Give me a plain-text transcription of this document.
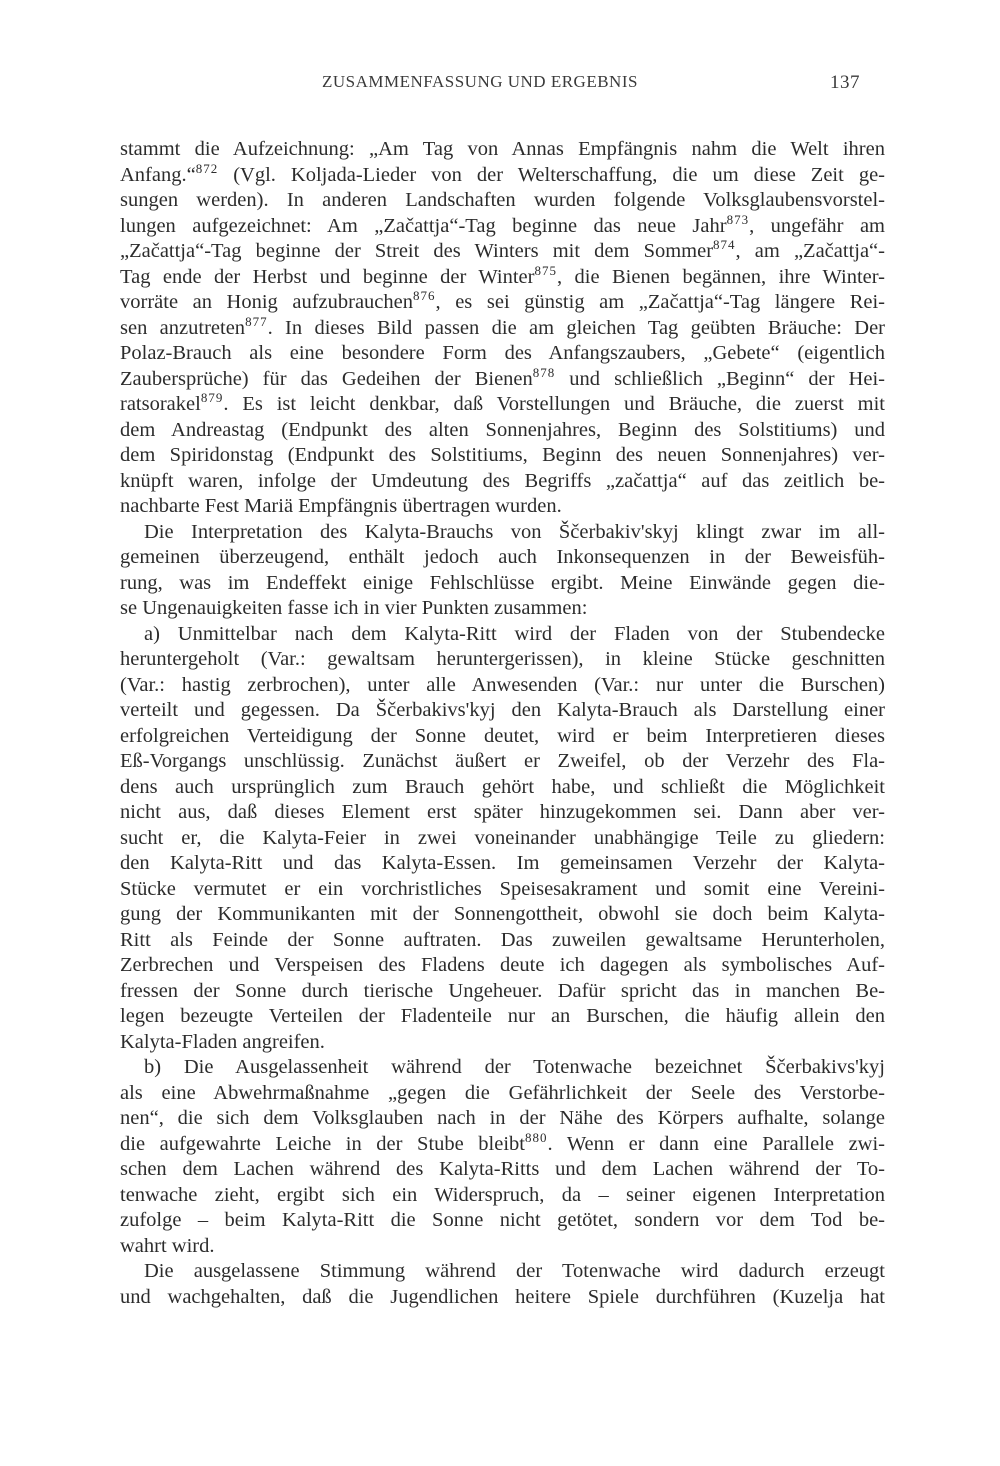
ZUSAMMENFASSUNG UND ERGEBNIS	137
stammt die Aufzeichnung: „Am Tag von Annas Empfängnis nahm die Welt ihren
Anfang.“$^{872}$ (Vgl. Koljada-Lieder von der Welterschaffung, die um diese Zeit ge-
sungen werden). In anderen Landschaften wurden folgende Volksglaubensvorstel-
lungen aufgezeichnet: Am „Začattja“-Tag beginne das neue Jahr$^{873}$, ungefähr am
„Začattja“-Tag beginne der Streit des Winters mit dem Sommer$^{874}$, am „Začattja“-
Tag ende der Herbst und beginne der Winter$^{875}$, die Bienen begännen, ihre Winter-
vorräte an Honig aufzubrauchen$^{876}$, es sei günstig am „Začattja“-Tag längere Rei-
sen anzutreten$^{877}$. In dieses Bild passen die am gleichen Tag geübten Bräuche: Der
Polaz-Brauch als eine besondere Form des Anfangszaubers, „Gebete“ (eigentlich
Zaubersprüche) für das Gedeihen der Bienen$^{878}$ und schließlich „Beginn“ der Hei-
ratsorakel$^{879}$. Es ist leicht denkbar, daß Vorstellungen und Bräuche, die zuerst mit
dem Andreastag (Endpunkt des alten Sonnenjahres, Beginn des Solstitiums) und
dem Spiridonstag (Endpunkt des Solstitiums, Beginn des neuen Sonnenjahres) ver-
knüpft waren, infolge der Umdeutung des Begriffs „začattja“ auf das zeitlich be-
nachbarte Fest Mariä Empfängnis übertragen wurden.
Die Interpretation des Kalyta-Brauchs von Ščerbakiv'skyj klingt zwar im all-
gemeinen überzeugend, enthält jedoch auch Inkonsequenzen in der Beweisfüh-
rung, was im Endeffekt einige Fehlschlüsse ergibt. Meine Einwände gegen die-
se Ungenauigkeiten fasse ich in vier Punkten zusammen:
a) Unmittelbar nach dem Kalyta-Ritt wird der Fladen von der Stubendecke
heruntergeholt (Var.: gewaltsam heruntergerissen), in kleine Stücke geschnitten
(Var.: hastig zerbrochen), unter alle Anwesenden (Var.: nur unter die Burschen)
verteilt und gegessen. Da Ščerbakivs'kyj den Kalyta-Brauch als Darstellung einer
erfolgreichen Verteidigung der Sonne deutet, wird er beim Interpretieren dieses
Eß-Vorgangs unschlüssig. Zunächst äußert er Zweifel, ob der Verzehr des Fla-
dens auch ursprünglich zum Brauch gehört habe, und schließt die Möglichkeit
nicht aus, daß dieses Element erst später hinzugekommen sei. Dann aber ver-
sucht er, die Kalyta-Feier in zwei voneinander unabhängige Teile zu gliedern:
den Kalyta-Ritt und das Kalyta-Essen. Im gemeinsamen Verzehr der Kalyta-
Stücke vermutet er ein vorchristliches Speisesakrament und somit eine Vereini-
gung der Kommunikanten mit der Sonnengottheit, obwohl sie doch beim Kalyta-
Ritt als Feinde der Sonne auftraten. Das zuweilen gewaltsame Herunterholen,
Zerbrechen und Verspeisen des Fladens deute ich dagegen als symbolisches Auf-
fressen der Sonne durch tierische Ungeheuer. Dafür spricht das in manchen Be-
legen bezeugte Verteilen der Fladenteile nur an Burschen, die häufig allein den
Kalyta-Fladen angreifen.
b) Die Ausgelassenheit während der Totenwache bezeichnet Ščerbakivs'kyj
als eine Abwehrmaßnahme „gegen die Gefährlichkeit der Seele des Verstorbe-
nen“, die sich dem Volksglauben nach in der Nähe des Körpers aufhalte, solange
die aufgewahrte Leiche in der Stube bleibt$^{880}$. Wenn er dann eine Parallele zwi-
schen dem Lachen während des Kalyta-Ritts und dem Lachen während der To-
tenwache zieht, ergibt sich ein Widerspruch, da – seiner eigenen Interpretation
zufolge – beim Kalyta-Ritt die Sonne nicht getötet, sondern vor dem Tod be-
wahrt wird.
Die ausgelassene Stimmung während der Totenwache wird dadurch erzeugt
und wachgehalten, daß die Jugendlichen heitere Spiele durchführen (Kuzelja hat
